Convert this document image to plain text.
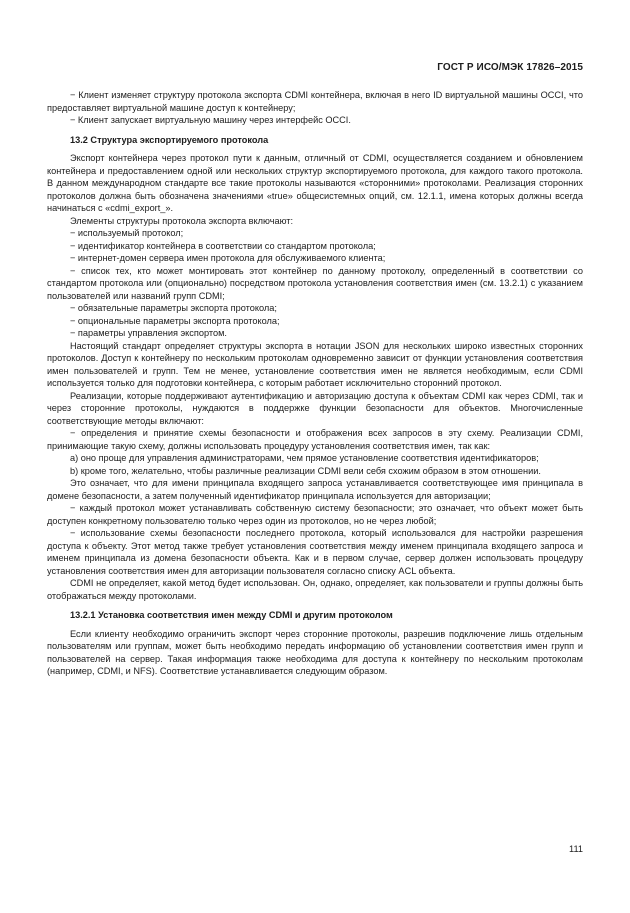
ГОСТ Р ИСО/МЭК 17826–2015

− Клиент изменяет структуру протокола экспорта CDMI контейнера, включая в него ID виртуальной машины OCCI, что предоставляет виртуальной машине доступ к контейнеру;

− Клиент запускает виртуальную машину через интерфейс OCCI.

13.2 Структура экспортируемого протокола

Экспорт контейнера через протокол пути к данным, отличный от CDMI, осуществляется созданием и обновлением контейнера и предоставлением одной или нескольких структур экспортируемого протокола, для каждого такого протокола. В данном международном стандарте все такие протоколы называются «сторонними» протоколами. Реализация сторонних протоколов должна быть обозначена значениями «true» общесистемных опций, см. 12.1.1, имена которых должны всегда начинаться с «cdmi_export_».

Элементы структуры протокола экспорта включают:

− используемый протокол;

− идентификатор контейнера в соответствии со стандартом протокола;

− интернет-домен сервера имен протокола для обслуживаемого клиента;

− список тех, кто может монтировать этот контейнер по данному протоколу, определенный в соответствии со стандартом протокола или (опционально) посредством протокола установления соответствия имен (см. 13.2.1) с указанием пользователей или названий групп CDMI;

− обязательные параметры экспорта протокола;

− опциональные параметры экспорта протокола;

− параметры управления экспортом.

Настоящий стандарт определяет структуры экспорта в нотации JSON для нескольких широко известных сторонних протоколов. Доступ к контейнеру по нескольким протоколам одновременно зависит от функции установления соответствия имен пользователей и групп. Тем не менее, установление соответствия имен не является необходимым, если CDMI используется только для подготовки контейнера, с которым работает исключительно сторонний протокол.

Реализации, которые поддерживают аутентификацию и авторизацию доступа к объектам CDMI как через CDMI, так и через сторонние протоколы, нуждаются в поддержке функции безопасности для объектов. Многочисленные соответствующие методы включают:

− определения и принятие схемы безопасности и отображения всех запросов в эту схему. Реализации CDMI, принимающие такую схему, должны использовать процедуру установления соответствия имен, так как:

a) оно проще для управления администраторами, чем прямое установление соответствия идентификаторов;

b) кроме того, желательно, чтобы различные реализации CDMI вели себя схожим образом в этом отношении.

Это означает, что для имени принципала входящего запроса устанавливается соответствующее имя принципала в домене безопасности, а затем полученный идентификатор принципала используется для авторизации;

− каждый протокол может устанавливать собственную систему безопасности; это означает, что объект может быть доступен конкретному пользователю только через один из протоколов, но не через любой;

− использование схемы безопасности последнего протокола, который использовался для настройки разрешения доступа к объекту. Этот метод также требует установления соответствия между именем принципала входящего запроса и именем принципала из домена безопасности объекта. Как и в первом случае, сервер должен использовать процедуру установления соответствия имен для авторизации пользователя согласно списку ACL объекта.

CDMI не определяет, какой метод будет использован. Он, однако, определяет, как пользователи и группы должны быть отображаться между протоколами.

13.2.1 Установка соответствия имен между CDMI и другим протоколом

Если клиенту необходимо ограничить экспорт через сторонние протоколы, разрешив подключение лишь отдельным пользователям или группам, может быть необходимо передать информацию об установлении соответствия имен групп и пользователей на сервер. Такая информация также необходима для доступа к контейнеру по нескольким протоколам (например, CDMI, и NFS). Соответствие устанавливается следующим образом.

111
